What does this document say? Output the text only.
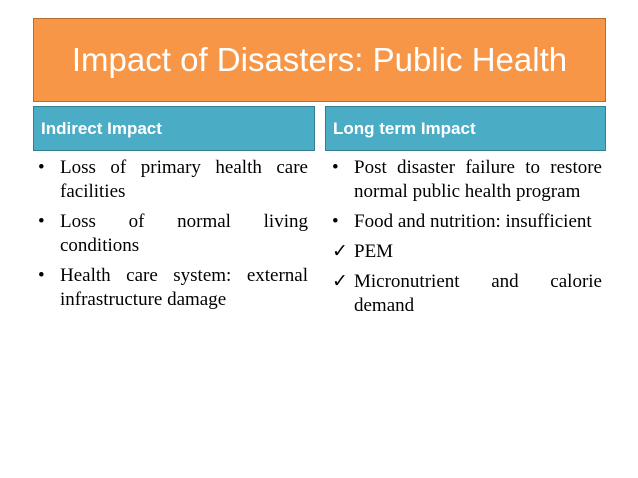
Impact of Disasters: Public Health
Indirect Impact	Long term Impact
• Loss of primary health care facilities
• Loss of normal living conditions
• Health care system: external infrastructure damage
• Post disaster failure to restore normal public health program
• Food and nutrition: insufficient
✓ PEM
✓ Micronutrient and calorie demand
